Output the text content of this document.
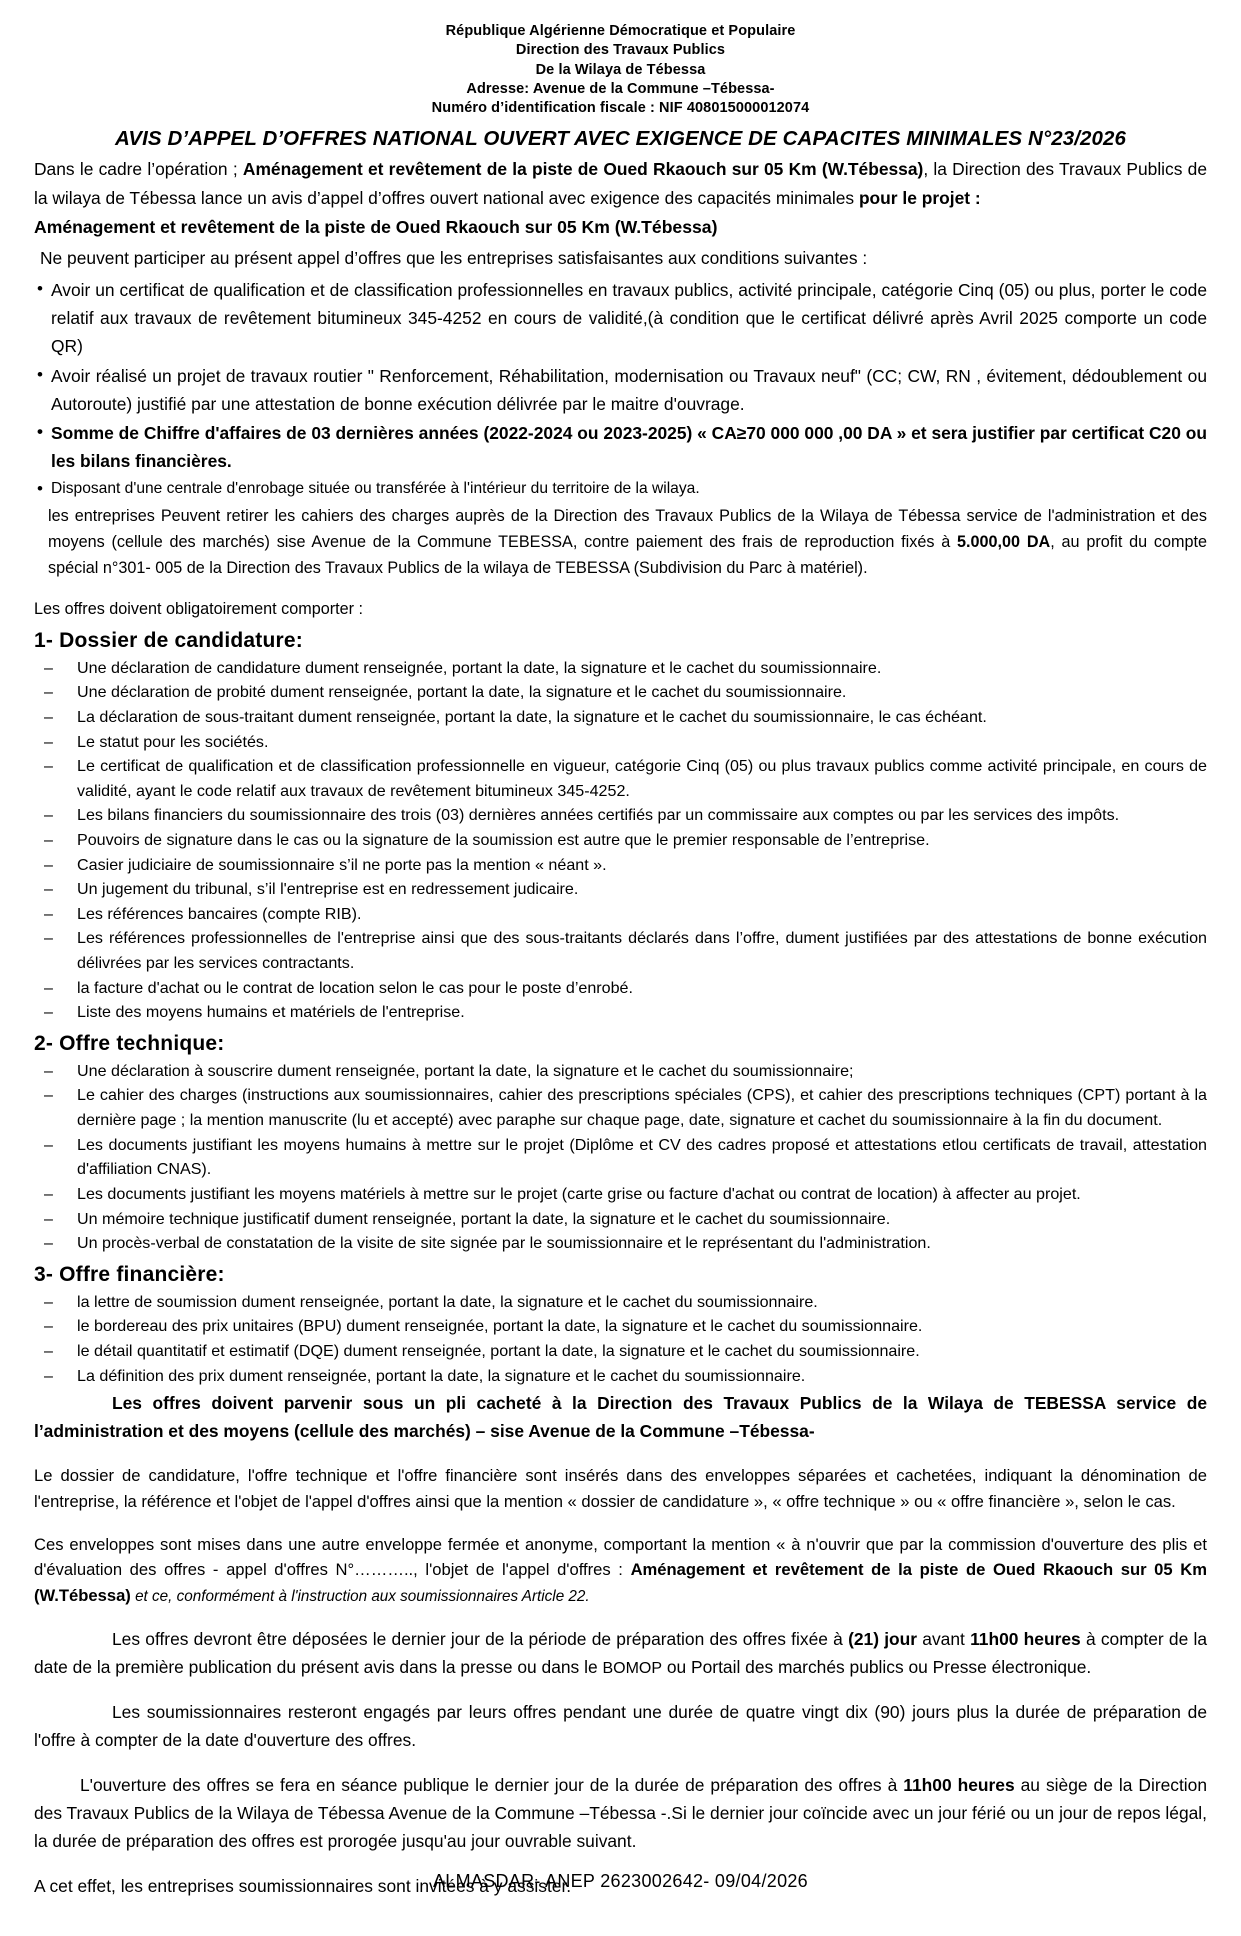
République Algérienne Démocratique et Populaire
Direction des Travaux Publics
De la Wilaya de Tébessa
Adresse: Avenue de la Commune –Tébessa-
Numéro d’identification fiscale : NIF 408015000012074
AVIS D’APPEL D’OFFRES NATIONAL OUVERT AVEC EXIGENCE DE CAPACITES MINIMALES N°23/2026

Dans le cadre l’opération ; Aménagement et revêtement de la piste de Oued Rkaouch sur 05 Km (W.Tébessa), la Direction des Travaux Publics de la wilaya de Tébessa lance un avis d’appel d’offres ouvert national avec exigence des capacités minimales pour le projet :

Aménagement et revêtement de la piste de Oued Rkaouch sur 05 Km (W.Tébessa)
Ne peuvent participer au présent appel d’offres que les entreprises satisfaisantes aux conditions suivantes :
• Avoir un certificat de qualification et de classification professionnelles en travaux publics, activité principale, catégorie Cinq (05) ou plus, porter le code relatif aux travaux de revêtement bitumineux 345-4252 en cours de validité,(à condition que le certificat délivré après Avril 2025 comporte un code QR)
• Avoir réalisé un projet de travaux routier " Renforcement, Réhabilitation, modernisation ou Travaux neuf" (CC; CW, RN , évitement, dédoublement ou Autoroute) justifié par une attestation de bonne exécution délivrée par le maitre d'ouvrage.
• Somme de Chiffre d'affaires de 03 dernières années (2022-2024 ou 2023-2025) « CA≥70 000 000 ,00 DA » et sera justifier par certificat C20 ou les bilans financières.
• Disposant d'une centrale d'enrobage située ou transférée à l'intérieur du territoire de la wilaya.

les entreprises Peuvent retirer les cahiers des charges auprès de la Direction des Travaux Publics de la Wilaya de Tébessa service de l'administration et des moyens (cellule des marchés) sise Avenue de la Commune TEBESSA, contre paiement des frais de reproduction fixés à 5.000,00 DA, au profit du compte spécial n°301- 005 de la Direction des Travaux Publics de la wilaya de TEBESSA (Subdivision du Parc à matériel).

Les offres doivent obligatoirement comporter :
1- Dossier de candidature:
– Une déclaration de candidature dument renseignée, portant la date, la signature et le cachet du soumissionnaire.
– Une déclaration de probité dument renseignée, portant la date, la signature et le cachet du soumissionnaire.
– La déclaration de sous-traitant dument renseignée, portant la date, la signature et le cachet du soumissionnaire, le cas échéant.
– Le statut pour les sociétés.
– Le certificat de qualification et de classification professionnelle en vigueur, catégorie Cinq (05) ou plus travaux publics comme activité principale, en cours de validité, ayant le code relatif aux travaux de revêtement bitumineux 345-4252.
– Les bilans financiers du soumissionnaire des trois (03) dernières années certifiés par un commissaire aux comptes ou par les services des impôts.
– Pouvoirs de signature dans le cas ou la signature de la soumission est autre que le premier responsable de l’entreprise.
– Casier judiciaire de soumissionnaire s’il ne porte pas la mention « néant ».
– Un jugement du tribunal, s’il l'entreprise est en redressement judicaire.
– Les références bancaires (compte RIB).
– Les références professionnelles de l'entreprise ainsi que des sous-traitants déclarés dans l’offre, dument justifiées par des attestations de bonne exécution délivrées par les services contractants.
– la facture d'achat ou le contrat de location selon le cas pour le poste d’enrobé.
– Liste des moyens humains et matériels de l'entreprise.
2- Offre technique:
– Une déclaration à souscrire dument renseignée, portant la date, la signature et le cachet du soumissionnaire;
– Le cahier des charges (instructions aux soumissionnaires, cahier des prescriptions spéciales (CPS), et cahier des prescriptions techniques (CPT) portant à la dernière page ; la mention manuscrite (lu et accepté) avec paraphe sur chaque page, date, signature et cachet du soumissionnaire à la fin du document.
– Les documents justifiant les moyens humains à mettre sur le projet (Diplôme et CV des cadres proposé et attestations etlou certificats de travail, attestation d'affiliation CNAS).
– Les documents justifiant les moyens matériels à mettre sur le projet (carte grise ou facture d'achat ou contrat de location) à affecter au projet.
– Un mémoire technique justificatif dument renseignée, portant la date, la signature et le cachet du soumissionnaire.
– Un procès-verbal de constatation de la visite de site signée par le soumissionnaire et le représentant du l'administration.
3- Offre financière:
– la lettre de soumission dument renseignée, portant la date, la signature et le cachet du soumissionnaire.
– le bordereau des prix unitaires (BPU) dument renseignée, portant la date, la signature et le cachet du soumissionnaire.
– le détail quantitatif et estimatif (DQE) dument renseignée, portant la date, la signature et le cachet du soumissionnaire.
– La définition des prix dument renseignée, portant la date, la signature et le cachet du soumissionnaire.

Les offres doivent parvenir sous un pli cacheté à la Direction des Travaux Publics de la Wilaya de TEBESSA service de l’administration et des moyens (cellule des marchés) – sise Avenue de la Commune –Tébessa-

Le dossier de candidature, l'offre technique et l'offre financière sont insérés dans des enveloppes séparées et cachetées, indiquant la dénomination de l'entreprise, la référence et l'objet de l'appel d'offres ainsi que la mention « dossier de candidature », « offre technique » ou « offre financière », selon le cas.

Ces enveloppes sont mises dans une autre enveloppe fermée et anonyme, comportant la mention « à n'ouvrir que par la commission d'ouverture des plis et d'évaluation des offres - appel d'offres N°……….., l'objet de l'appel d'offres : Aménagement et revêtement de la piste de Oued Rkaouch sur 05 Km (W.Tébessa) et ce, conformément à l'instruction aux soumissionnaires Article 22.

Les offres devront être déposées le dernier jour de la période de préparation des offres fixée à (21) jour avant 11h00 heures à compter de la date de la première publication du présent avis dans la presse ou dans le BOMOP ou Portail des marchés publics ou Presse électronique.

Les soumissionnaires resteront engagés par leurs offres pendant une durée de quatre vingt dix (90) jours plus la durée de préparation de l'offre à compter de la date d'ouverture des offres.

L'ouverture des offres se fera en séance publique le dernier jour de la durée de préparation des offres à 11h00 heures au siège de la Direction des Travaux Publics de la Wilaya de Tébessa Avenue de la Commune –Tébessa -.Si le dernier jour coïncide avec un jour férié ou un jour de repos légal, la durée de préparation des offres est prorogée jusqu'au jour ouvrable suivant.

A cet effet, les entreprises soumissionnaires sont invitées à y assister.

ALMASDAR- ANEP 2623002642- 09/04/2026
